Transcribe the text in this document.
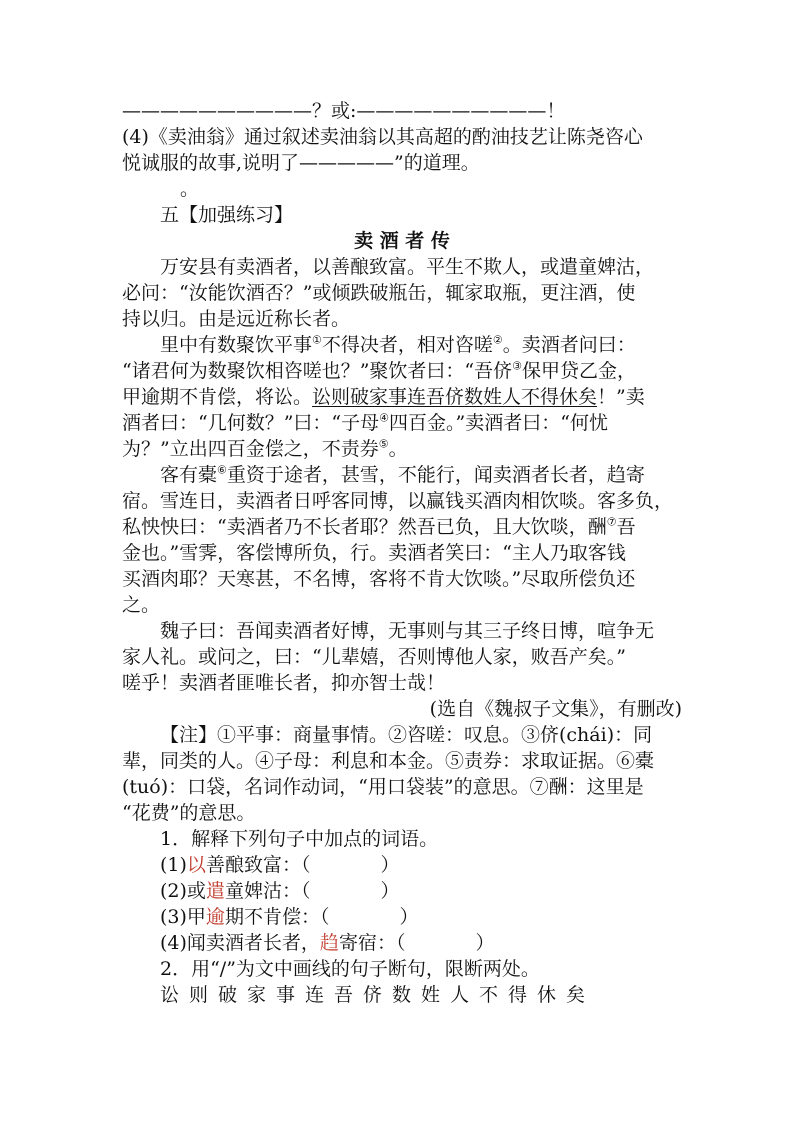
——————————？或:——————————！
(4)《卖油翁》通过叙述卖油翁以其高超的酌油技艺让陈尧咨心
悦诚服的故事,说明了—————”的道理。
。
五【加强练习】
卖 酒 者 传
万安县有卖酒者，以善酿致富。平生不欺人，或遣童婢沽，
必问：“汝能饮酒否？”或倾跌破瓶缶，辄家取瓶，更注酒，使
持以归。由是远近称长者。
里中有数聚饮平事①不得决者，相对咨嗟②。卖酒者问曰：
“诸君何为数聚饮相咨嗟也？”聚饮者曰：“吾侪③保甲贷乙金，
甲逾期不肯偿，将讼。讼则破家事连吾侪数姓人不得休矣！”卖
酒者曰：“几何数？”曰：“子母④四百金。”卖酒者曰：“何忧
为？”立出四百金偿之，不责券⑤。
客有橐⑥重资于途者，甚雪，不能行，闻卖酒者长者，趋寄
宿。雪连日，卖酒者日呼客同博，以赢钱买酒肉相饮啖。客多负，
私怏怏曰：“卖酒者乃不长者耶？然吾已负，且大饮啖，酬⑦吾
金也。”雪霁，客偿博所负，行。卖酒者笑曰：“主人乃取客钱
买酒肉耶？天寒甚，不名博，客将不肯大饮啖。”尽取所偿负还
之。
魏子曰：吾闻卖酒者好博，无事则与其三子终日博，喧争无
家人礼。或问之，曰：“儿辈嬉，否则博他人家，败吾产矣。”
嗟乎！卖酒者匪唯长者，抑亦智士哉！
(选自《魏叔子文集》，有删改)
【注】①平事：商量事情。②咨嗟：叹息。③侪(chái)：同
辈，同类的人。④子母：利息和本金。⑤责券：求取证据。⑥橐
(tuó)：口袋，名词作动词，“用口袋装”的意思。⑦酬：这里是
“花费”的意思。
1．解释下列句子中加点的词语。
(1)以善酿致富：（	）
(2)或遣童婢沽：（	）
(3)甲逾期不肯偿：（	）
(4)闻卖酒者长者，趋寄宿：（	）
2．用“/”为文中画线的句子断句，限断两处。
讼 则 破 家 事 连 吾 侪 数 姓 人 不 得 休 矣
